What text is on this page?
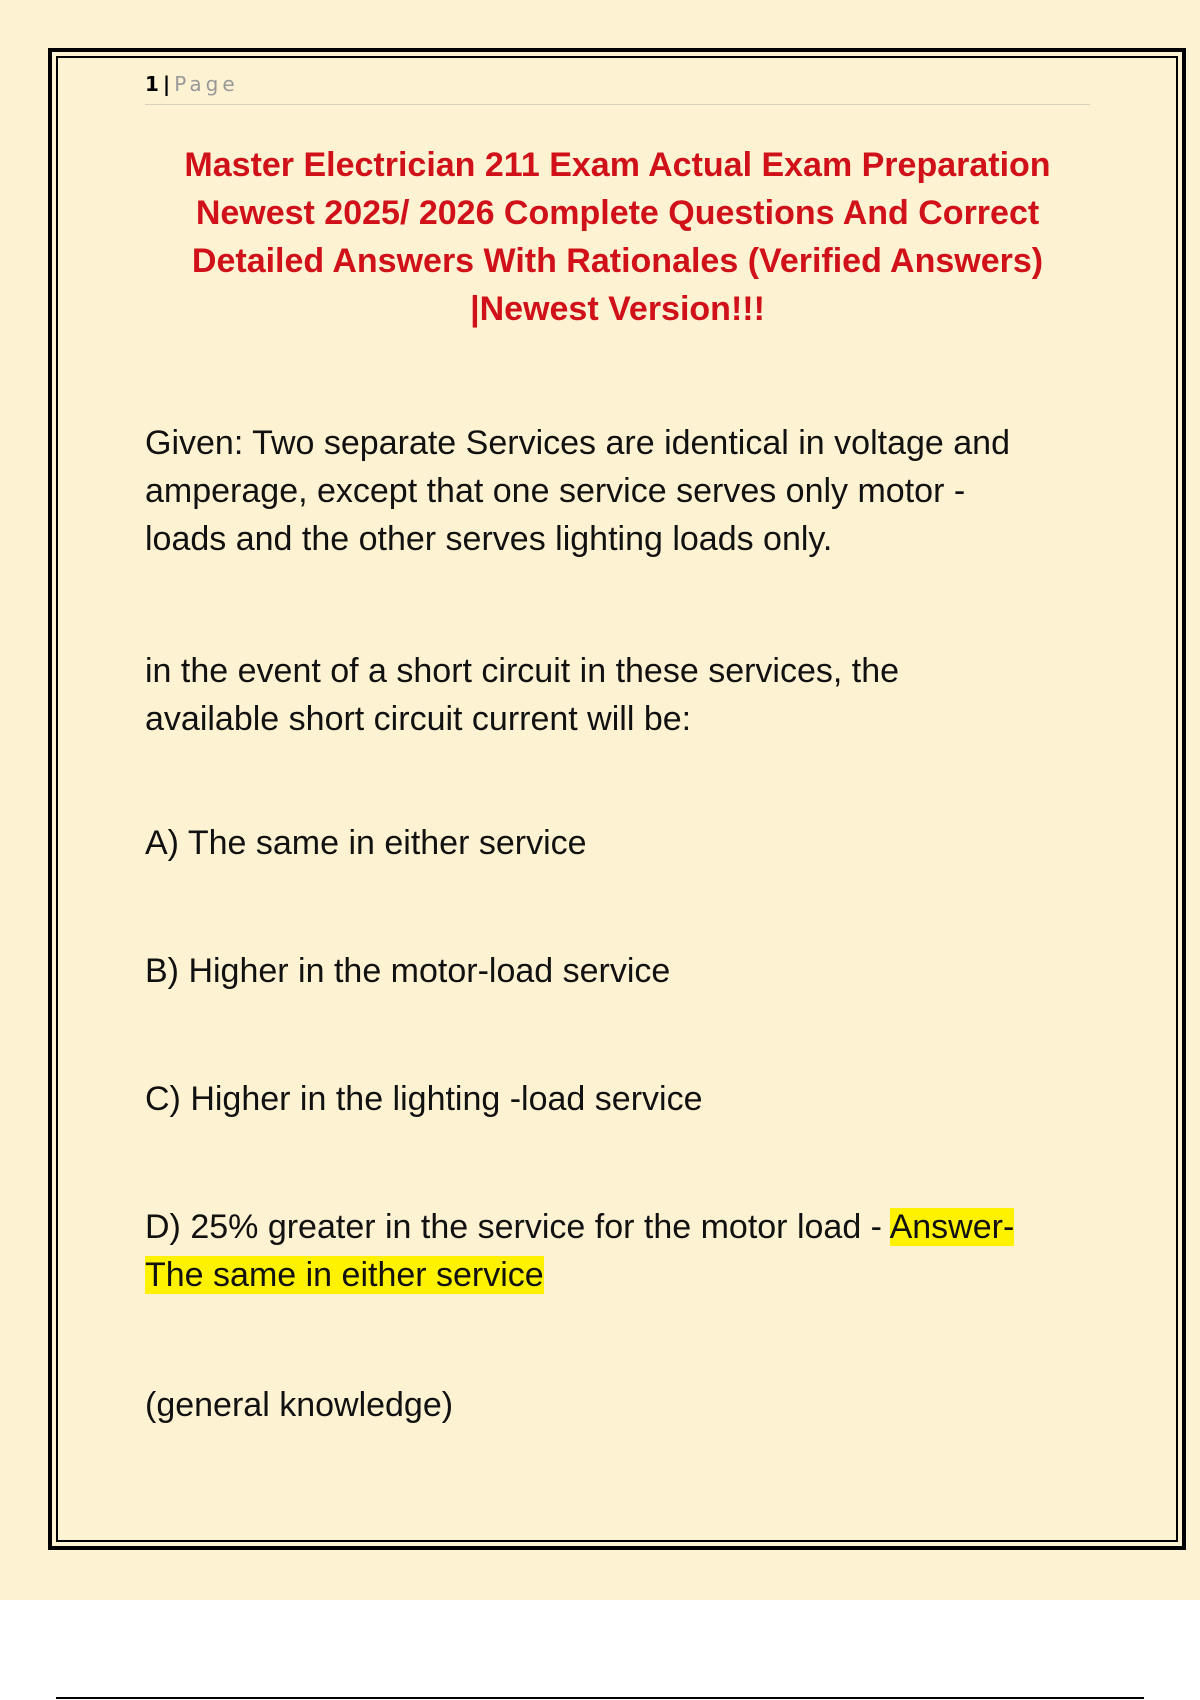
1 | Page
Master Electrician 211 Exam Actual Exam Preparation
Newest 2025/ 2026 Complete Questions And Correct
Detailed Answers With Rationales (Verified Answers)
|Newest Version!!!
Given: Two separate Services are identical in voltage and
amperage, except that one service serves only motor -
loads and the other serves lighting loads only.
in the event of a short circuit in these services, the
available short circuit current will be:
A) The same in either service
B) Higher in the motor-load service
C) Higher in the lighting -load service
D) 25% greater in the service for the motor load - Answer-
The same in either service
(general knowledge)
